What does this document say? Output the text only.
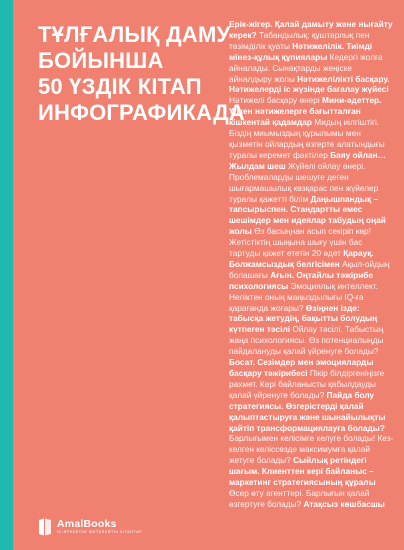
ТҰЛҒАЛЫҚ ДАМУ
БОЙЫНША
50 ҮЗДІК КІТАП
ИНФОГРАФИКАДА
Ерік-жігер. Қалай дамыту және нығайту керек? Табандылық: құштарлық пен төзімділік қуаты Нәтижелілік. Тиімді мінез-құлық құпиялары Кедергі жолға айналады. Сынақтарды жеңіске айналдыру жолы Нәтижелілікті басқару. Нәтижелерді іс жүзінде бағалау жүйесі Нәтижелі басқару өнері Мини-әдеттер. Үлкен нәтижелерге бағытталған кішкентай қадамдар Мидың иілгіштігі. Біздің миымыздың құрылымы мен қызметін ойлардың өзгерте алатындығы туралы керемет фактілер Баяу ойлан… Жылдам шеш Жүйелі ойлау өнері. Проблемаларды шешуге деген шығармашылық көзқарас пен жүйелер туралы қажетті білім Даңышпандық – тапсырыспен. Стандартты емес шешімдер мен идеялар табудың оңай жолы Өз басыңнан асып секіріп көр! Жетістіктің шыңына шығу үшін бас тартуды қажет ететін 20 әдет Қарауқ. Болжамсыздық белгісімен Ақыл-ойдың болашағы Ағын. Оңтайлы тәжірибе психологиясы Эмоциялық интеллект. Неліктен оның маңыздылығы IQ-ға қарағанда жоғары? Өзіңнен ізде: табысқа жетудің, бақытты болудың күтпеген тәсілі Ойлау тәсілі. Табыстың жаңа психологиясы. Өз потенциалыңды пайдалануды қалай үйренуге болады? Босат. Сезімдер мен эмоцияларды басқару тәжірибесі Пікір білдіргеніңізге рахмет. Кері байланысты қабылдауды қалай үйренуге болады? Пайда болу стратегиясы. Өзгерістерді қалай қалыптастыруға және шынайылықты қайтіп трансформациялауға болады? Барлығымен келісімге келуге болады! Кез-келген келіссөзде максимумға қалай жетуге болады? Сыйлық ретіндегі шағым. Клиенттен кері байланыс – маркетинг стратегиясының құралы Өсер өту агенттері. Барлығын қалай өзгертуге болады? Атақсыз көшбасшы
AmalBooks
ІС-ӘРЕКЕТКЕ ЖЕТЕЛЕЙТІН КІТАПТАР
